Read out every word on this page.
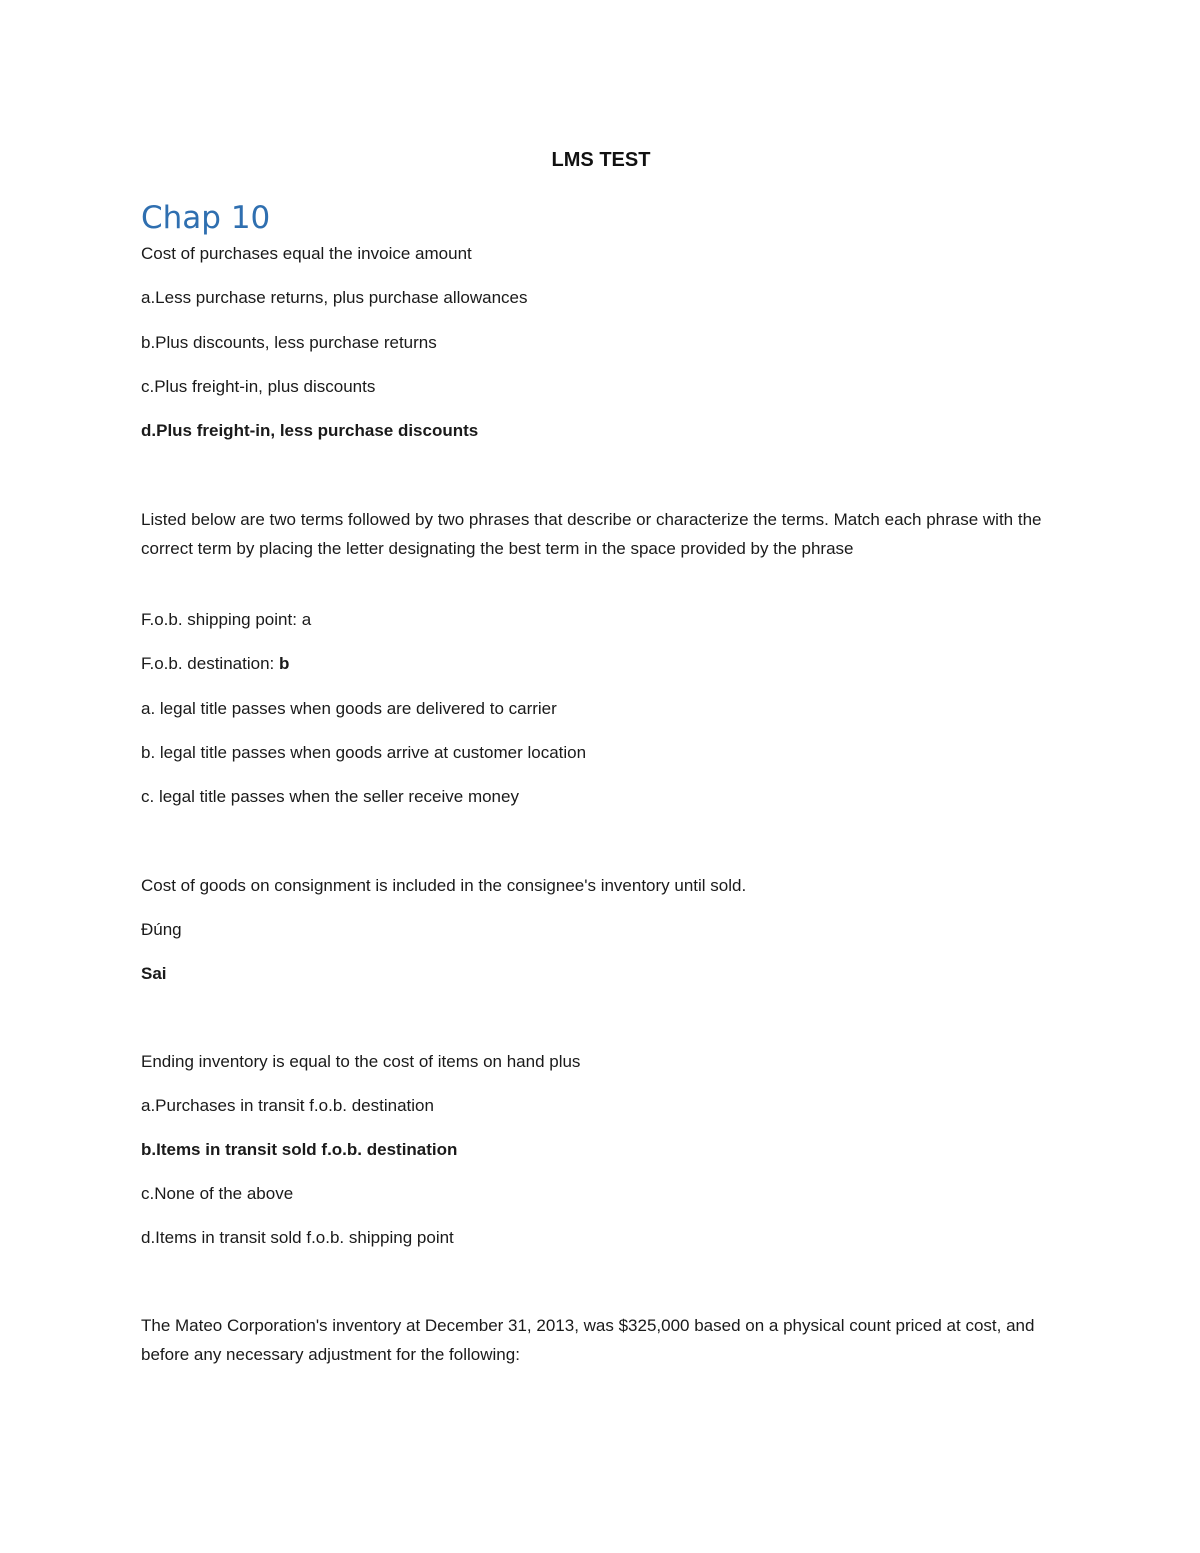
LMS TEST
Chap 10
Cost of purchases equal the invoice amount
a.Less purchase returns, plus purchase allowances
b.Plus discounts, less purchase returns
c.Plus freight-in, plus discounts
d.Plus freight-in, less purchase discounts
Listed below are two terms followed by two phrases that describe or characterize the terms. Match each phrase with the correct term by placing the letter designating the best term in the space provided by the phrase
F.o.b. shipping point: a
F.o.b. destination: b
a. legal title passes when goods are delivered to carrier
b. legal title passes when goods arrive at customer location
c. legal title passes when the seller receive money
Cost of goods on consignment is included in the consignee's inventory until sold.
Đúng
Sai
Ending inventory is equal to the cost of items on hand plus
a.Purchases in transit f.o.b. destination
b.Items in transit sold f.o.b. destination
c.None of the above
d.Items in transit sold f.o.b. shipping point
The Mateo Corporation's inventory at December 31, 2013, was $325,000 based on a physical count priced at cost, and before any necessary adjustment for the following:
